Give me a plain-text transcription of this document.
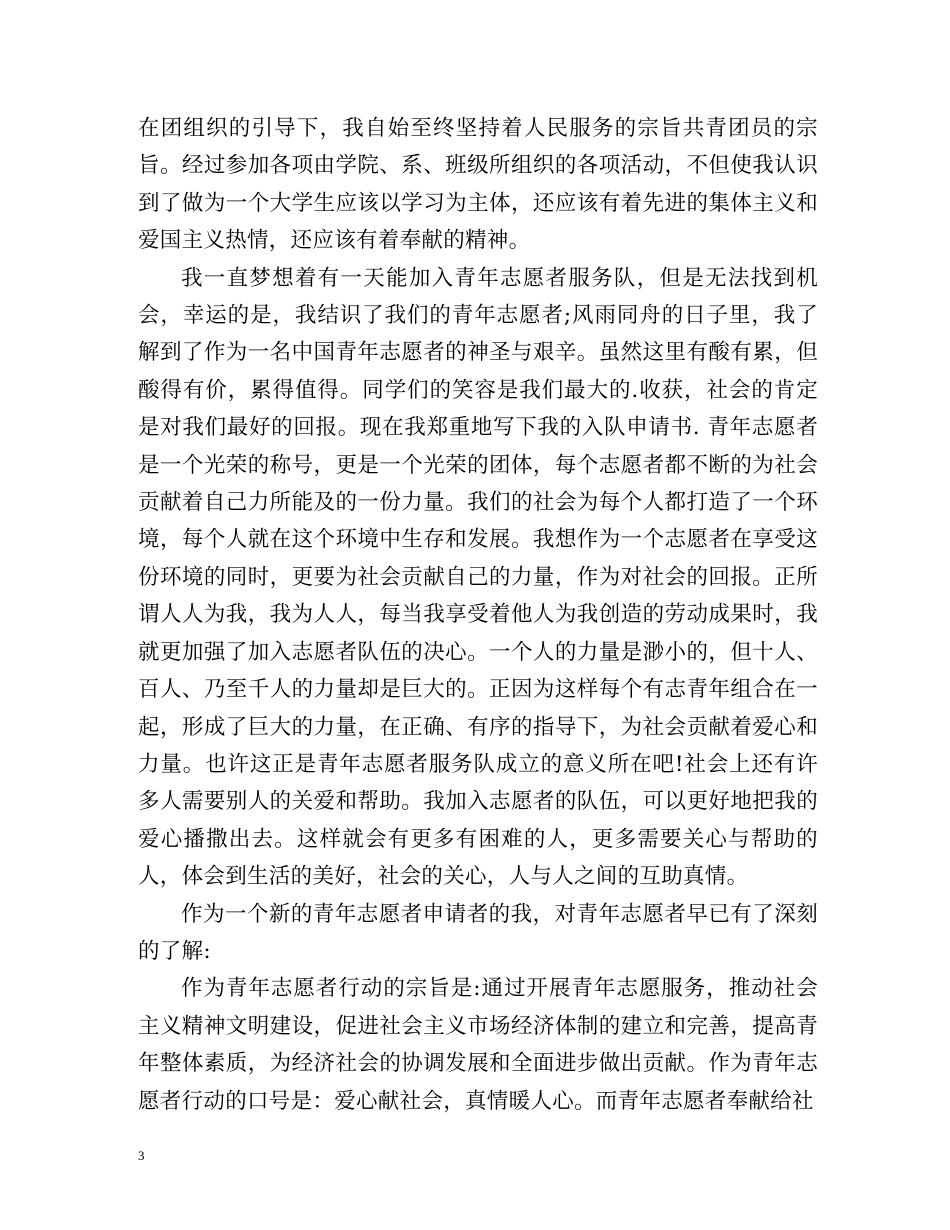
在团组织的引导下，我自始至终坚持着人民服务的宗旨共青团员的宗旨。经过参加各项由学院、系、班级所组织的各项活动，不但使我认识到了做为一个大学生应该以学习为主体，还应该有着先进的集体主义和爱国主义热情，还应该有着奉献的精神。

我一直梦想着有一天能加入青年志愿者服务队，但是无法找到机会，幸运的是，我结识了我们的青年志愿者;风雨同舟的日子里，我了解到了作为一名中国青年志愿者的神圣与艰辛。虽然这里有酸有累，但酸得有价，累得值得。同学们的笑容是我们最大的.收获，社会的肯定是对我们最好的回报。现在我郑重地写下我的入队申请书. 青年志愿者是一个光荣的称号，更是一个光荣的团体，每个志愿者都不断的为社会贡献着自己力所能及的一份力量。我们的社会为每个人都打造了一个环境，每个人就在这个环境中生存和发展。我想作为一个志愿者在享受这份环境的同时，更要为社会贡献自己的力量，作为对社会的回报。正所谓人人为我，我为人人，每当我享受着他人为我创造的劳动成果时，我就更加强了加入志愿者队伍的决心。一个人的力量是渺小的，但十人、百人、乃至千人的力量却是巨大的。正因为这样每个有志青年组合在一起，形成了巨大的力量，在正确、有序的指导下，为社会贡献着爱心和力量。也许这正是青年志愿者服务队成立的意义所在吧!社会上还有许多人需要别人的关爱和帮助。我加入志愿者的队伍，可以更好地把我的爱心播撒出去。这样就会有更多有困难的人，更多需要关心与帮助的人，体会到生活的美好，社会的关心，人与人之间的互助真情。

作为一个新的青年志愿者申请者的我，对青年志愿者早已有了深刻的了解:

作为青年志愿者行动的宗旨是:通过开展青年志愿服务，推动社会主义精神文明建设，促进社会主义市场经济体制的建立和完善，提高青年整体素质，为经济社会的协调发展和全面进步做出贡献。作为青年志愿者行动的口号是：爱心献社会，真情暖人心。而青年志愿者奉献给社

3
